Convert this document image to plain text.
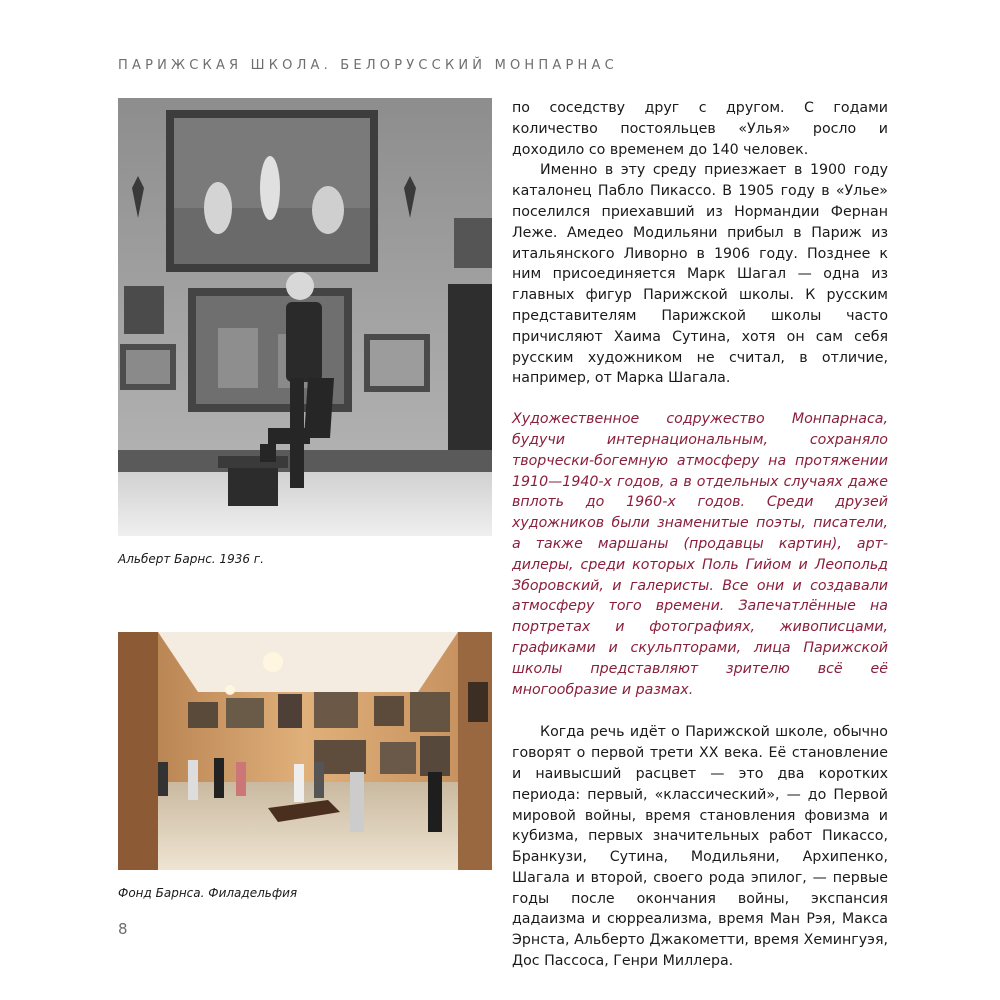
ПАРИЖСКАЯ ШКОЛА. БЕЛОРУССКИЙ МОНПАРНАС
Альберт Барнс. 1936 г.
Фонд Барнса. Филадельфия

по соседству друг с другом. С годами количество постояльцев «Улья» росло и доходило со временем до 140 человек.

Именно в эту среду приезжает в 1900 году каталонец Пабло Пикассо. В 1905 году в «Улье» поселился приехавший из Нормандии Фернан Леже. Амедео Модильяни прибыл в Париж из итальянского Ливорно в 1906 году. Позднее к ним присоединяется Марк Шагал — одна из главных фигур Парижской школы. К русским представителям Парижской школы часто причисляют Хаима Сутина, хотя он сам себя русским художником не считал, в отличие, например, от Марка Шагала.

Художественное содружество Монпарнаса, будучи интернациональным, сохраняло творчески-богемную атмосферу на протяжении 1910—1940-х годов, а в отдельных случаях даже вплоть до 1960-х годов. Среди друзей художников были знаменитые поэты, писатели, а также маршаны (продавцы картин), арт-дилеры, среди которых Поль Гийом и Леопольд Зборовский, и галеристы. Все они и создавали атмосферу того времени. Запечатлённые на портретах и фотографиях, живописцами, графиками и скульпторами, лица Парижской школы представляют зрителю всё её многообразие и размах.

Когда речь идёт о Парижской школе, обычно говорят о первой трети XX века. Её становление и наивысший расцвет — это два коротких периода: первый, «классический», — до Первой мировой войны, время становления фовизма и кубизма, первых значительных работ Пикассо, Бранкузи, Сутина, Модильяни, Архипенко, Шагала и второй, своего рода эпилог, — первые годы после окончания войны, экспансия дадаизма и сюрреализма, время Ман Рэя, Макса Эрнста, Альберто Джакометти, время Хемингуэя, Дос Пассоса, Генри Миллера.

8
